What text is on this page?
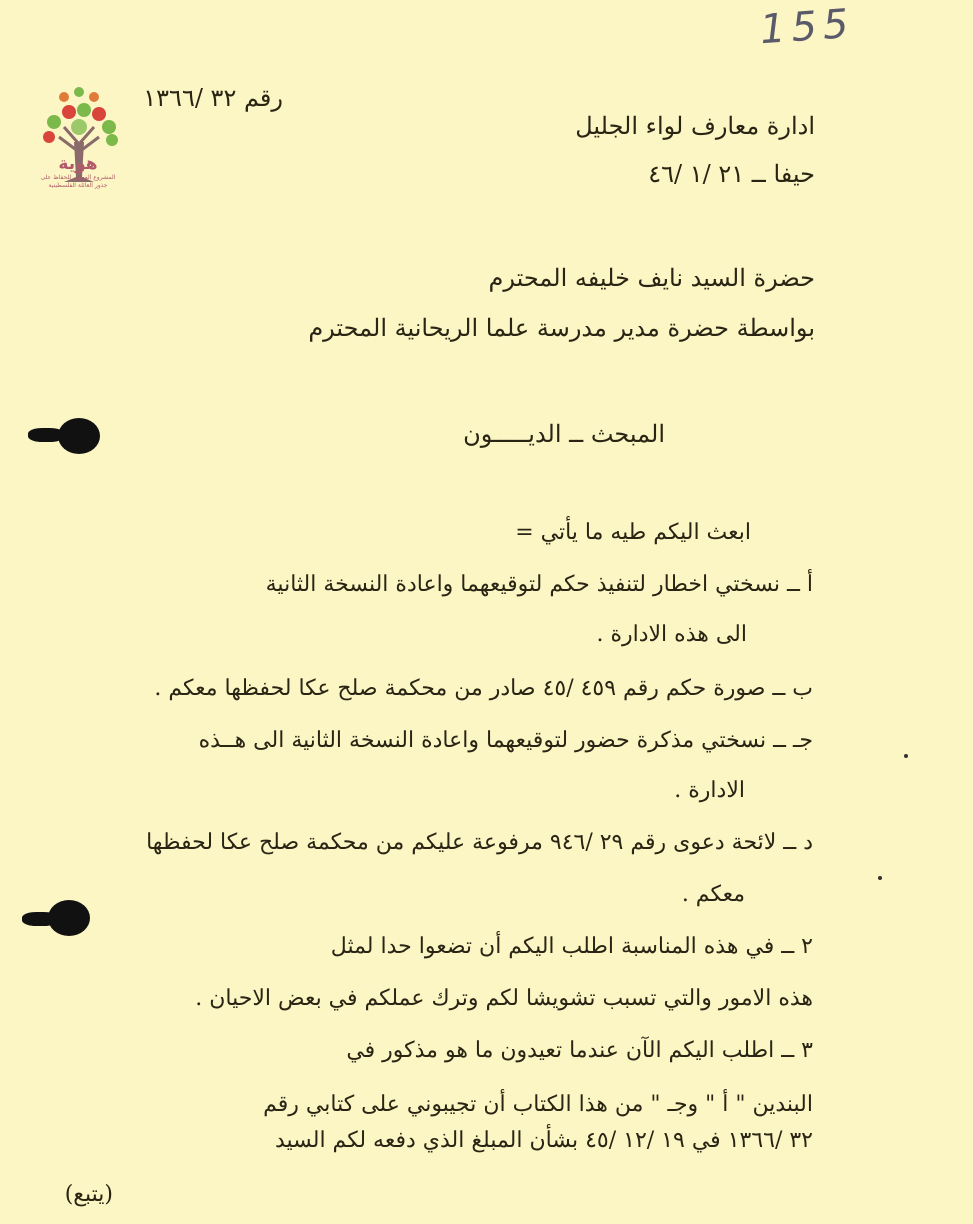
155
هوية
المشروع الوطني للحفاظ على
جذور العائلة الفلسطينية
رقم ٣٢ /١٣٦٦
ادارة معارف لواء الجليل
حيفا ــ ٢١ /١ /٤٦
حضرة السيد نايف خليفه المحترم
بواسطة حضرة مدير مدرسة علما الريحانية المحترم
المبحث ــ الديـــــون
ابعث اليكم طيه ما يأتي =
أ ــ نسختي اخطار لتنفيذ حكم لتوقيعهما واعادة النسخة الثانية
الى هذه الادارة .
ب ــ صورة حكم رقم ٤٥٩ /٤٥ صادر من محكمة صلح عكا لحفظها معكم .
جـ ــ نسختي مذكرة حضور لتوقيعهما واعادة النسخة الثانية الى هــذه
الادارة .
د ــ لائحة دعوى رقم ٢٩ /٩٤٦ مرفوعة عليكم من محكمة صلح عكا لحفظها
معكم .
٢ ــ في هذه المناسبة اطلب اليكم أن تضعوا حدا لمثل
هذه الامور والتي تسبب تشويشا لكم وترك عملكم في بعض الاحيان .
٣ ــ اطلب اليكم الآن عندما تعيدون ما هو مذكور في
البندين " أ " وجـ " من هذا الكتاب أن تجيبوني على كتابي رقم
٣٢ /١٣٦٦ في ١٩ /١٢ /٤٥ بشأن المبلغ الذي دفعه لكم السيد
(يتبع)
